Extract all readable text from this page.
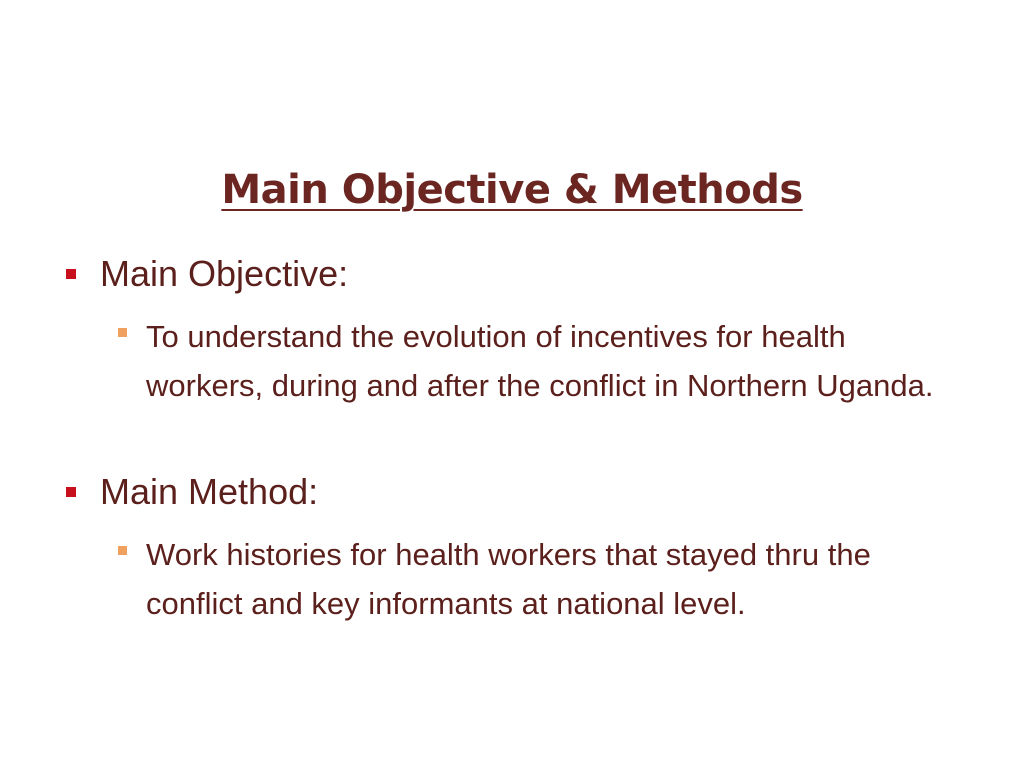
Main Objective & Methods
Main Objective:
To understand the evolution of incentives for health workers, during and after the conflict in Northern Uganda.
Main Method:
Work histories for health workers that stayed thru the conflict and key informants at national level.
